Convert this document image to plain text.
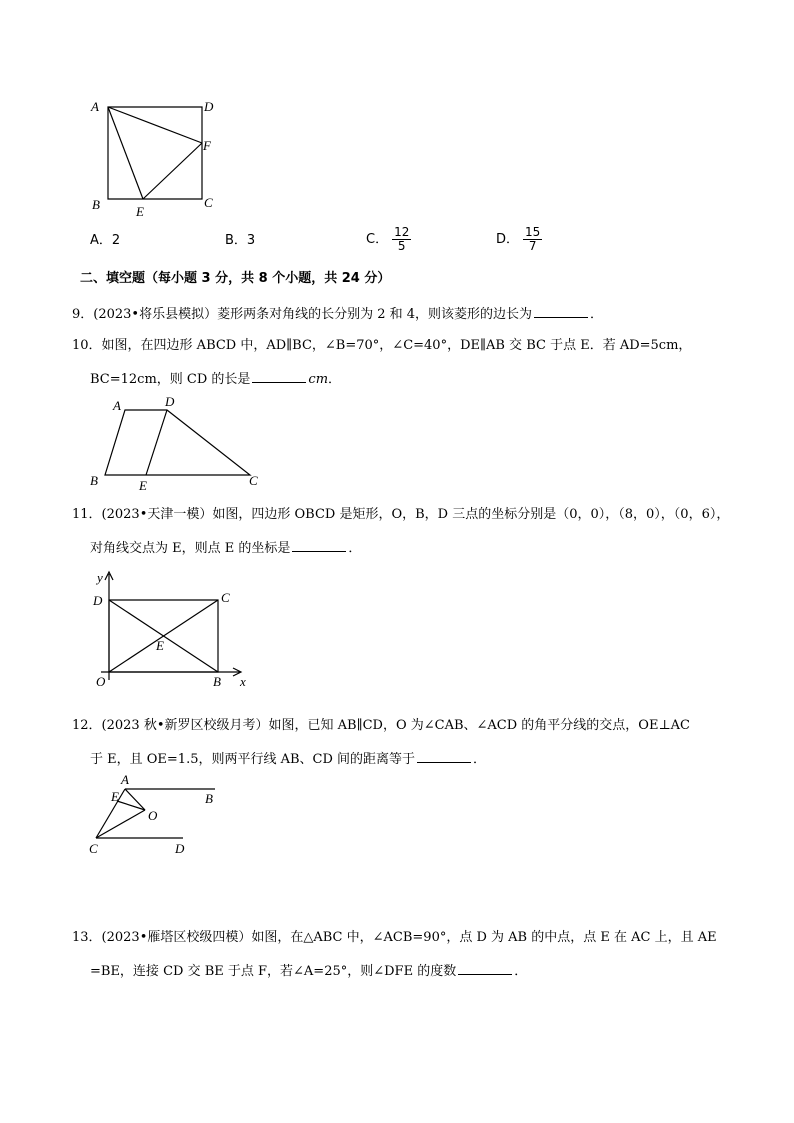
A	D
F
B	E
C
A．2	B．3	C． $\frac{12}{5}$	D． $\frac{15}{7}$
二、填空题（每小题 3 分，共 8 个小题，共 24 分）
9．(2023•将乐县模拟）菱形两条对角线的长分别为 2 和 4，则该菱形的边长为	．
10．如图，在四边形 ABCD 中，AD∥BC，∠B=70°，∠C=40°，DE∥AB 交 BC 于点 E．若 AD=5cm，
BC=12cm，则 CD 的长是	cm．
A	D
B	E	C
11．(2023•天津一模）如图，四边形 OBCD 是矩形，O，B，D 三点的坐标分别是（0，0），（8，0），（0，6），
对角线交点为 E，则点 E 的坐标是	．
y
x
D	C
E
O	B
12．(2023 秋•新罗区校级月考）如图，已知 AB∥CD，O 为∠CAB、∠ACD 的角平分线的交点，OE⊥AC
于 E，且 OE=1.5，则两平行线 AB、CD 间的距离等于	．
A
B
E
O
C	D
13．(2023•雁塔区校级四模）如图，在△ABC 中，∠ACB=90°，点 D 为 AB 的中点，点 E 在 AC 上，且 AE
=BE，连接 CD 交 BE 于点 F，若∠A=25°，则∠DFE 的度数	．
